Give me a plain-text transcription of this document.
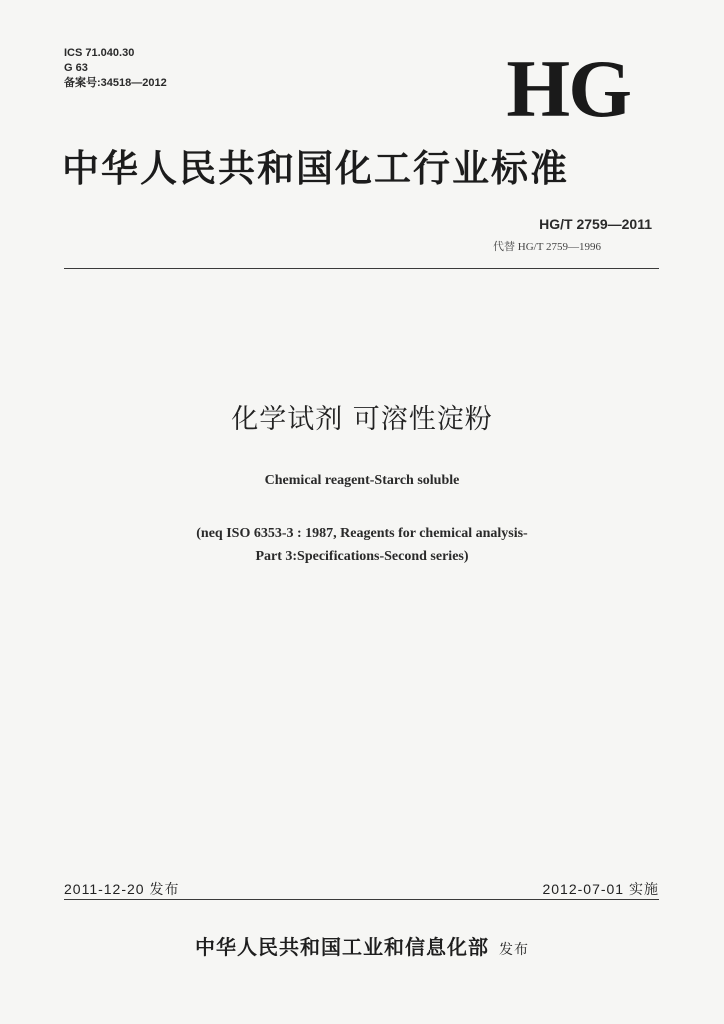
ICS 71.040.30
G 63
备案号:34518—2012	HG
中华人民共和国化工行业标准
HG/T 2759—2011
代替 HG/T 2759—1996
化学试剂 可溶性淀粉
Chemical reagent-Starch soluble
(neq ISO 6353-3 : 1987, Reagents for chemical analysis-
Part 3:Specifications-Second series)
2011-12-20 发布	2012-07-01 实施
中华人民共和国工业和信息化部 发布
